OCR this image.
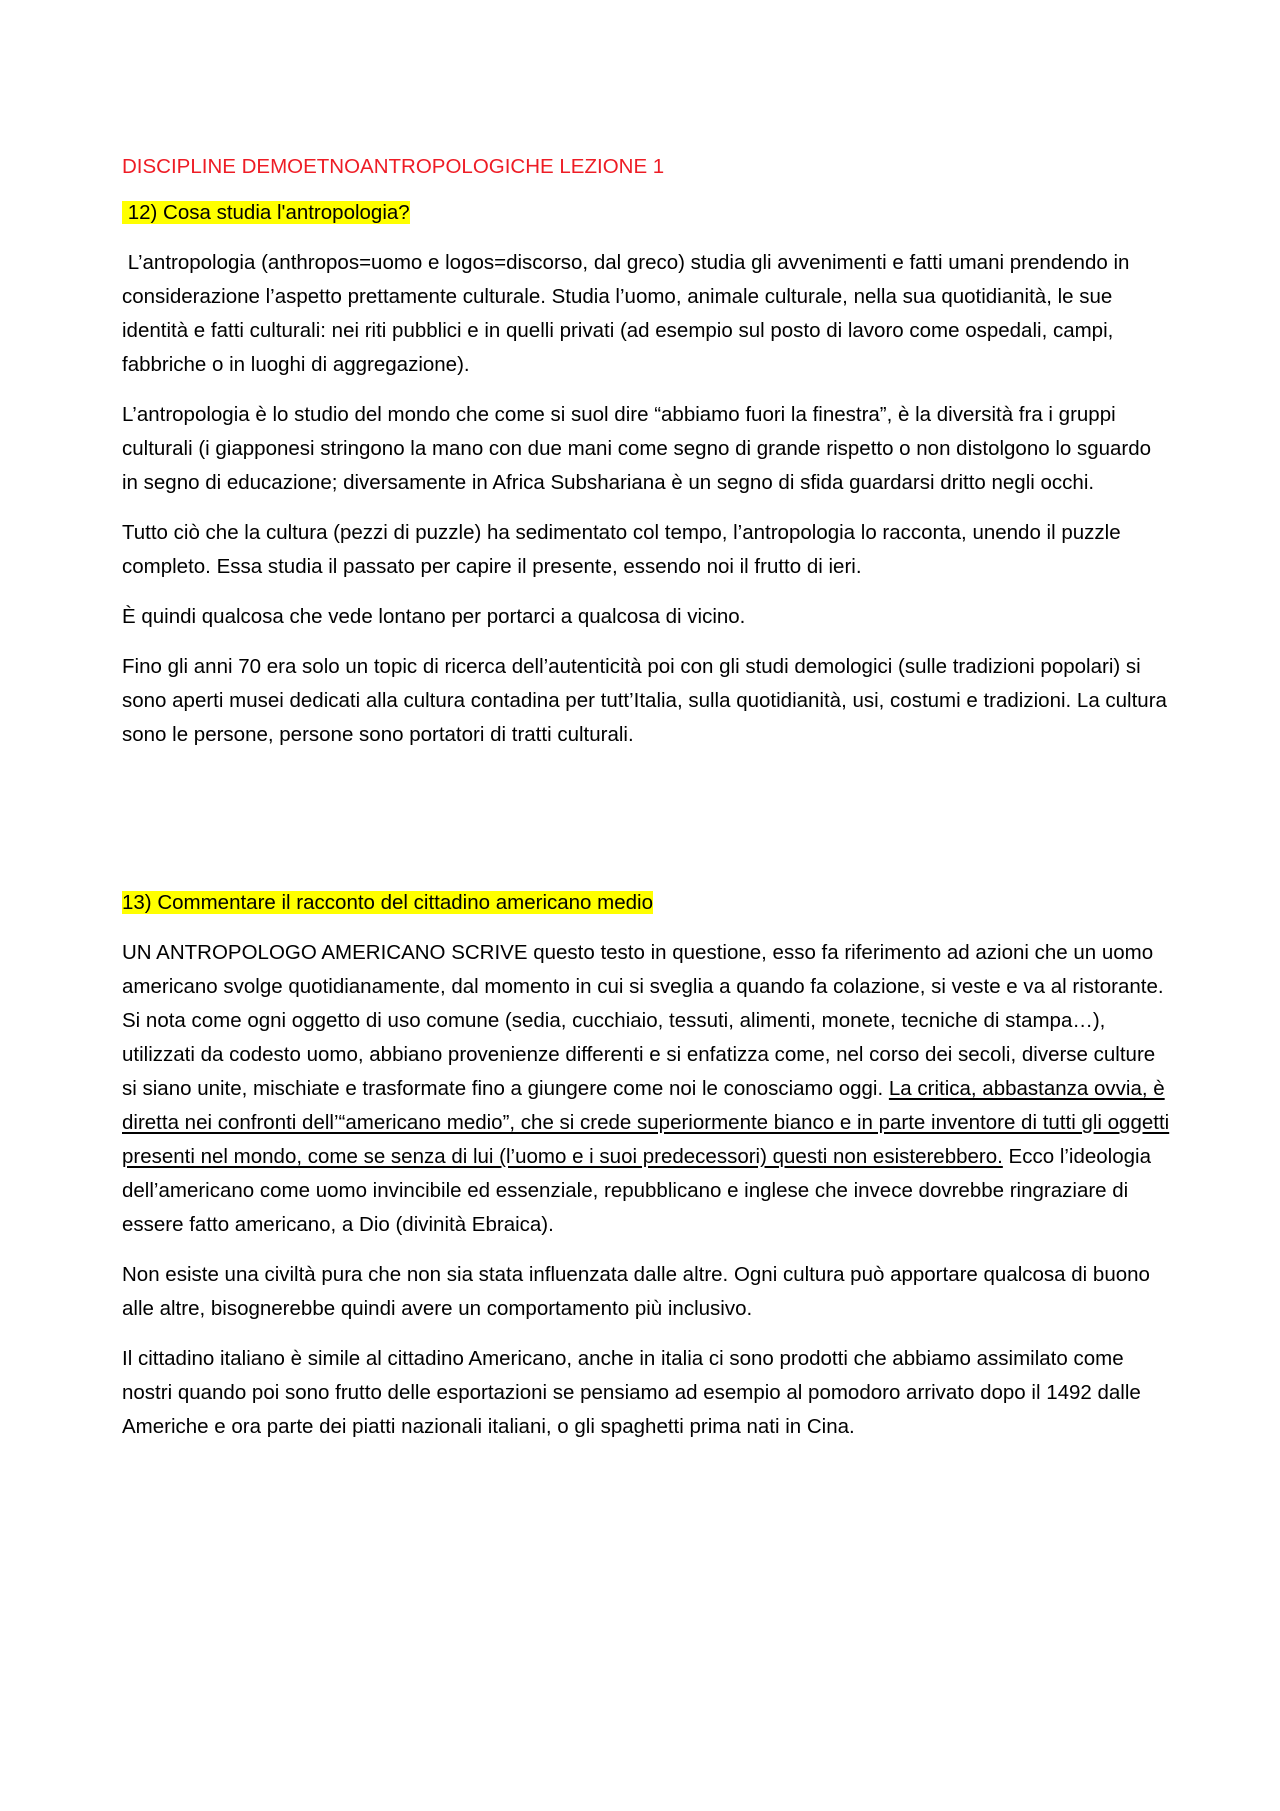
DISCIPLINE DEMOETNOANTROPOLOGICHE LEZIONE 1
12) Cosa studia l'antropologia?

L’antropologia (anthropos=uomo e logos=discorso, dal greco) studia gli avvenimenti e fatti umani prendendo in considerazione l’aspetto prettamente culturale. Studia l’uomo, animale culturale, nella sua quotidianità, le sue identità e fatti culturali: nei riti pubblici e in quelli privati (ad esempio sul posto di lavoro come ospedali, campi, fabbriche o in luoghi di aggregazione).

L’antropologia è lo studio del mondo che come si suol dire “abbiamo fuori la finestra”, è la diversità fra i gruppi culturali (i giapponesi stringono la mano con due mani come segno di grande rispetto o non distolgono lo sguardo in segno di educazione; diversamente in Africa Subshariana è un segno di sfida guardarsi dritto negli occhi.

Tutto ciò che la cultura (pezzi di puzzle) ha sedimentato col tempo, l’antropologia lo racconta, unendo il puzzle completo. Essa studia il passato per capire il presente, essendo noi il frutto di ieri.

È quindi qualcosa che vede lontano per portarci a qualcosa di vicino.

Fino gli anni 70 era solo un topic di ricerca dell’autenticità poi con gli studi demologici (sulle tradizioni popolari) si sono aperti musei dedicati alla cultura contadina per tutt’Italia, sulla quotidianità, usi, costumi e tradizioni. La cultura sono le persone, persone sono portatori di tratti culturali.

13) Commentare il racconto del cittadino americano medio

UN ANTROPOLOGO AMERICANO SCRIVE questo testo in questione, esso fa riferimento ad azioni che un uomo americano svolge quotidianamente, dal momento in cui si sveglia a quando fa colazione, si veste e va al ristorante. Si nota come ogni oggetto di uso comune (sedia, cucchiaio, tessuti, alimenti, monete, tecniche di stampa…), utilizzati da codesto uomo, abbiano provenienze differenti e si enfatizza come, nel corso dei secoli, diverse culture si siano unite, mischiate e trasformate fino a giungere come noi le conosciamo oggi. La critica, abbastanza ovvia, è diretta nei confronti dell’“americano medio”, che si crede superiormente bianco e in parte inventore di tutti gli oggetti presenti nel mondo, come se senza di lui (l’uomo e i suoi predecessori) questi non esisterebbero. Ecco l’ideologia dell’americano come uomo invincibile ed essenziale, repubblicano e inglese che invece dovrebbe ringraziare di essere fatto americano, a Dio (divinità Ebraica).

Non esiste una civiltà pura che non sia stata influenzata dalle altre. Ogni cultura può apportare qualcosa di buono alle altre, bisognerebbe quindi avere un comportamento più inclusivo.

Il cittadino italiano è simile al cittadino Americano, anche in italia ci sono prodotti che abbiamo assimilato come nostri quando poi sono frutto delle esportazioni se pensiamo ad esempio al pomodoro arrivato dopo il 1492 dalle Americhe e ora parte dei piatti nazionali italiani, o gli spaghetti prima nati in Cina.
